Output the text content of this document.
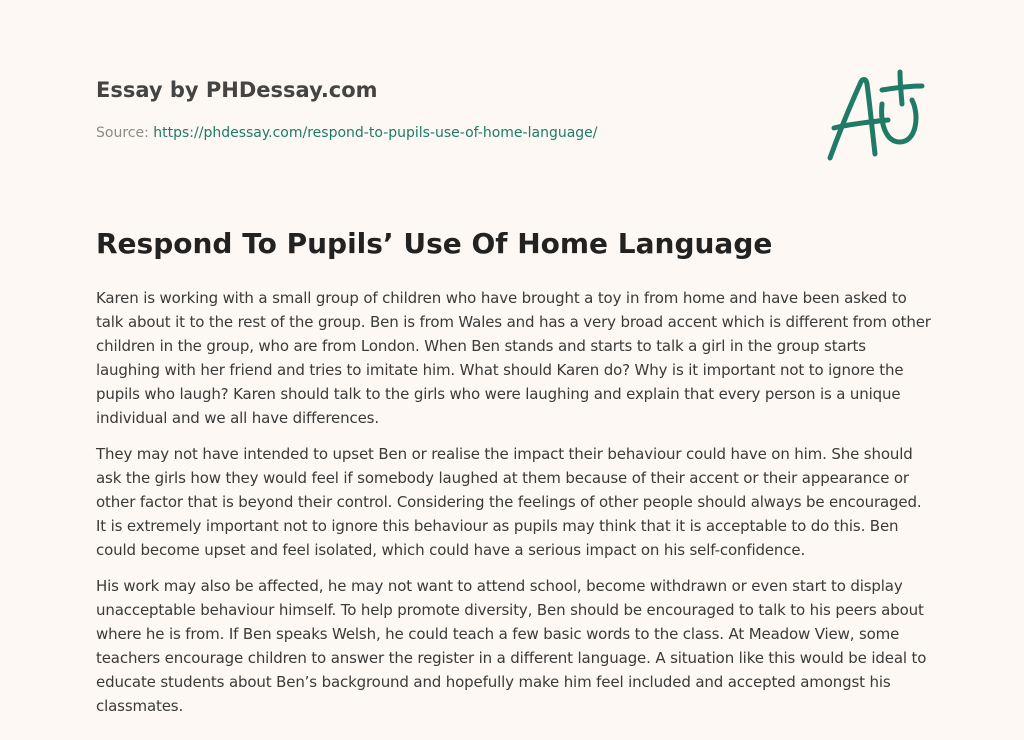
Essay by PHDessay.com
Source: https://phdessay.com/respond-to-pupils-use-of-home-language/
Respond To Pupils’ Use Of Home Language

Karen is working with a small group of children who have brought a toy in from home and have been asked to talk about it to the rest of the group. Ben is from Wales and has a very broad accent which is different from other children in the group, who are from London. When Ben stands and starts to talk a girl in the group starts laughing with her friend and tries to imitate him. What should Karen do? Why is it important not to ignore the pupils who laugh? Karen should talk to the girls who were laughing and explain that every person is a unique individual and we all have differences.

They may not have intended to upset Ben or realise the impact their behaviour could have on him. She should ask the girls how they would feel if somebody laughed at them because of their accent or their appearance or other factor that is beyond their control. Considering the feelings of other people should always be encouraged. It is extremely important not to ignore this behaviour as pupils may think that it is acceptable to do this. Ben could become upset and feel isolated, which could have a serious impact on his self-confidence.

His work may also be affected, he may not want to attend school, become withdrawn or even start to display unacceptable behaviour himself. To help promote diversity, Ben should be encouraged to talk to his peers about where he is from. If Ben speaks Welsh, he could teach a few basic words to the class. At Meadow View, some teachers encourage children to answer the register in a different language. A situation like this would be ideal to educate students about Ben’s background and hopefully make him feel included and accepted amongst his classmates.
